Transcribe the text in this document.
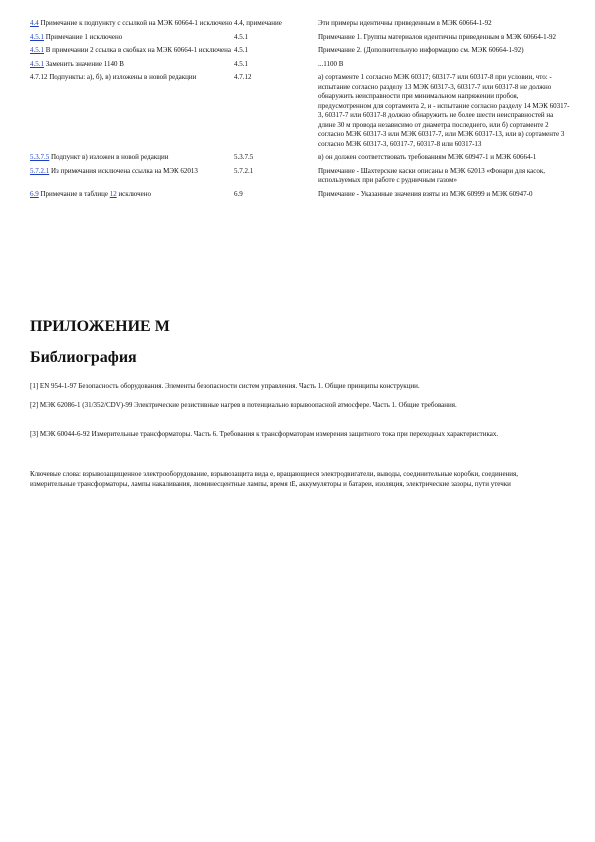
4.4 Примечание к подпункту с ссылкой на МЭК 60664-1 исключено	4.4, примечание	Эти примеры идентичны приведенным в МЭК 60664-1-92
4.5.1 Примечание 1 исключено	4.5.1	Примечание 1. Группы материалов идентичны приведенным в МЭК 60664-1-92
4.5.1 В примечании 2 ссылка в скобках на МЭК 60664-1 исключена	4.5.1	Примечание 2. (Дополнительную информацию см. МЭК 60664-1-92)
4.5.1 Заменить значение 1140 В	4.5.1	...1100 В
4.7.12 Подпункты: а), б), в) изложены в новой редакции	4.7.12	а) сортаменте 1 согласно МЭК 60317; 60317-7 или 60317-8 при условии, что: - испытание согласно разделу 13 МЭК 60317-3, 60317-7 или 60317-8 не должно обнаружить неисправности при минимальном напряжении пробоя, предусмотренном для сортамента 2, и - испытание согласно разделу 14 МЭК 60317-3, 60317-7 или 60317-8 должно обнаружить не более шести неисправностей на длине 30 м провода независимо от диаметра последнего, или б) сортаменте 2 согласно МЭК 60317-3 или МЭК 60317-7, или МЭК 60317-13, или в) сортаменте 3 согласно МЭК 60317-3, 60317-7, 60317-8 или 60317-13
5.3.7.5 Подпункт в) изложен в новой редакции	5.3.7.5	в) он должен соответствовать требованиям МЭК 60947-1 и МЭК 60664-1
5.7.2.1 Из примечания исключена ссылка на МЭК 62013	5.7.2.1	Примечание - Шахтерские каски описаны в МЭК 62013 «Фонари для касок, используемых при работе с рудничным газом»
6.9 Примечание в таблице 12 исключено	6.9	Примечание - Указанные значения взяты из МЭК 60999 и МЭК 60947-0
ПРИЛОЖЕНИЕ М
Библиография
[1] EN 954-1-97 Безопасность оборудования. Элементы безопасности систем управления. Часть 1. Общие принципы конструкции.
[2] МЭК 62086-1 (31/352/CDV)-99 Электрические резистивные нагрев в потенциально взрывоопасной атмосфере. Часть 1. Общие требования.
[3] МЭК 60044-6-92 Измерительные трансформаторы. Часть 6. Требования к трансформаторам измерения защитного тока при переходных характеристиках.
Ключевые слова: взрывозащищенное электрооборудование, взрывозащита вида e, вращающиеся электродвигатели, выводы, соединительные коробки, соединения, измерительные трансформаторы, лампы накаливания, люминесцентные лампы, время tE, аккумуляторы и батареи, изоляция, электрические зазоры, пути утечки
